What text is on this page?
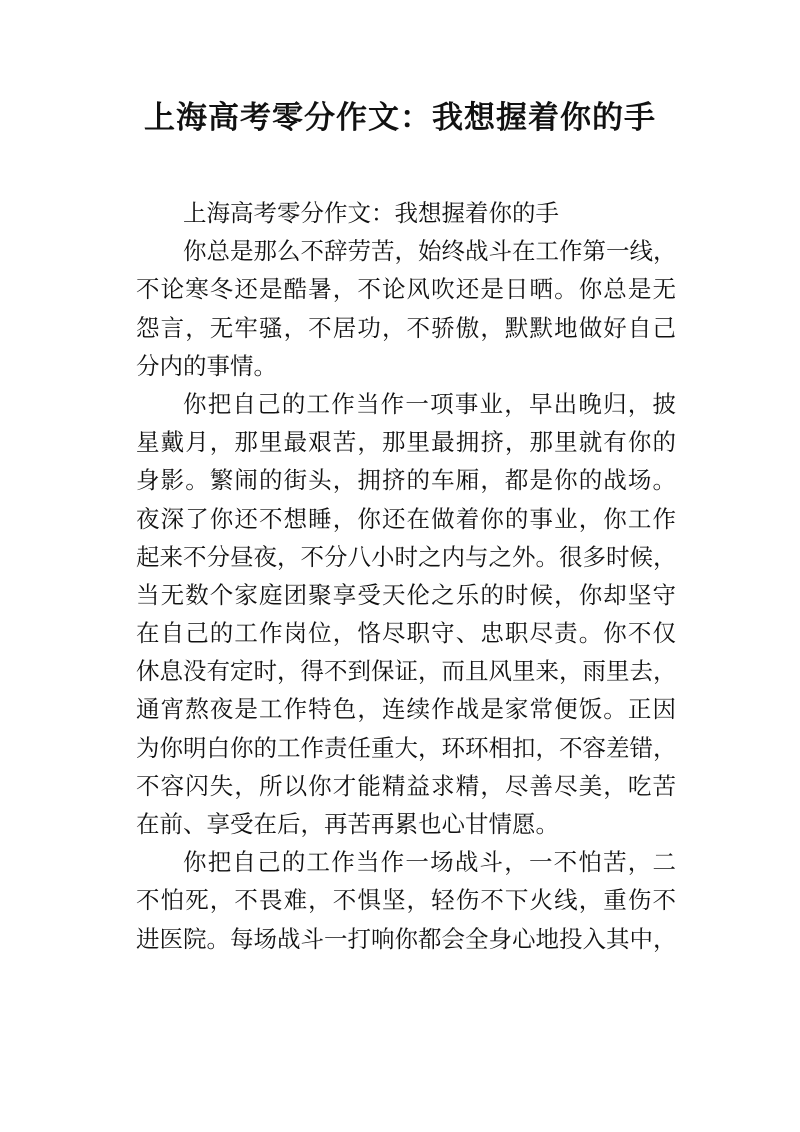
上海高考零分作文：我想握着你的手
上海高考零分作文：我想握着你的手
你总是那么不辞劳苦，始终战斗在工作第一线，
不论寒冬还是酷暑，不论风吹还是日晒。你总是无
怨言，无牢骚，不居功，不骄傲，默默地做好自己
分内的事情。
你把自己的工作当作一项事业，早出晚归，披
星戴月，那里最艰苦，那里最拥挤，那里就有你的
身影。繁闹的街头，拥挤的车厢，都是你的战场。
夜深了你还不想睡，你还在做着你的事业，你工作
起来不分昼夜，不分八小时之内与之外。很多时候，
当无数个家庭团聚享受天伦之乐的时候，你却坚守
在自己的工作岗位，恪尽职守、忠职尽责。你不仅
休息没有定时，得不到保证，而且风里来，雨里去，
通宵熬夜是工作特色，连续作战是家常便饭。正因
为你明白你的工作责任重大，环环相扣，不容差错，
不容闪失，所以你才能精益求精，尽善尽美，吃苦
在前、享受在后，再苦再累也心甘情愿。
你把自己的工作当作一场战斗，一不怕苦，二
不怕死，不畏难，不惧坚，轻伤不下火线，重伤不
进医院。每场战斗一打响你都会全身心地投入其中，
